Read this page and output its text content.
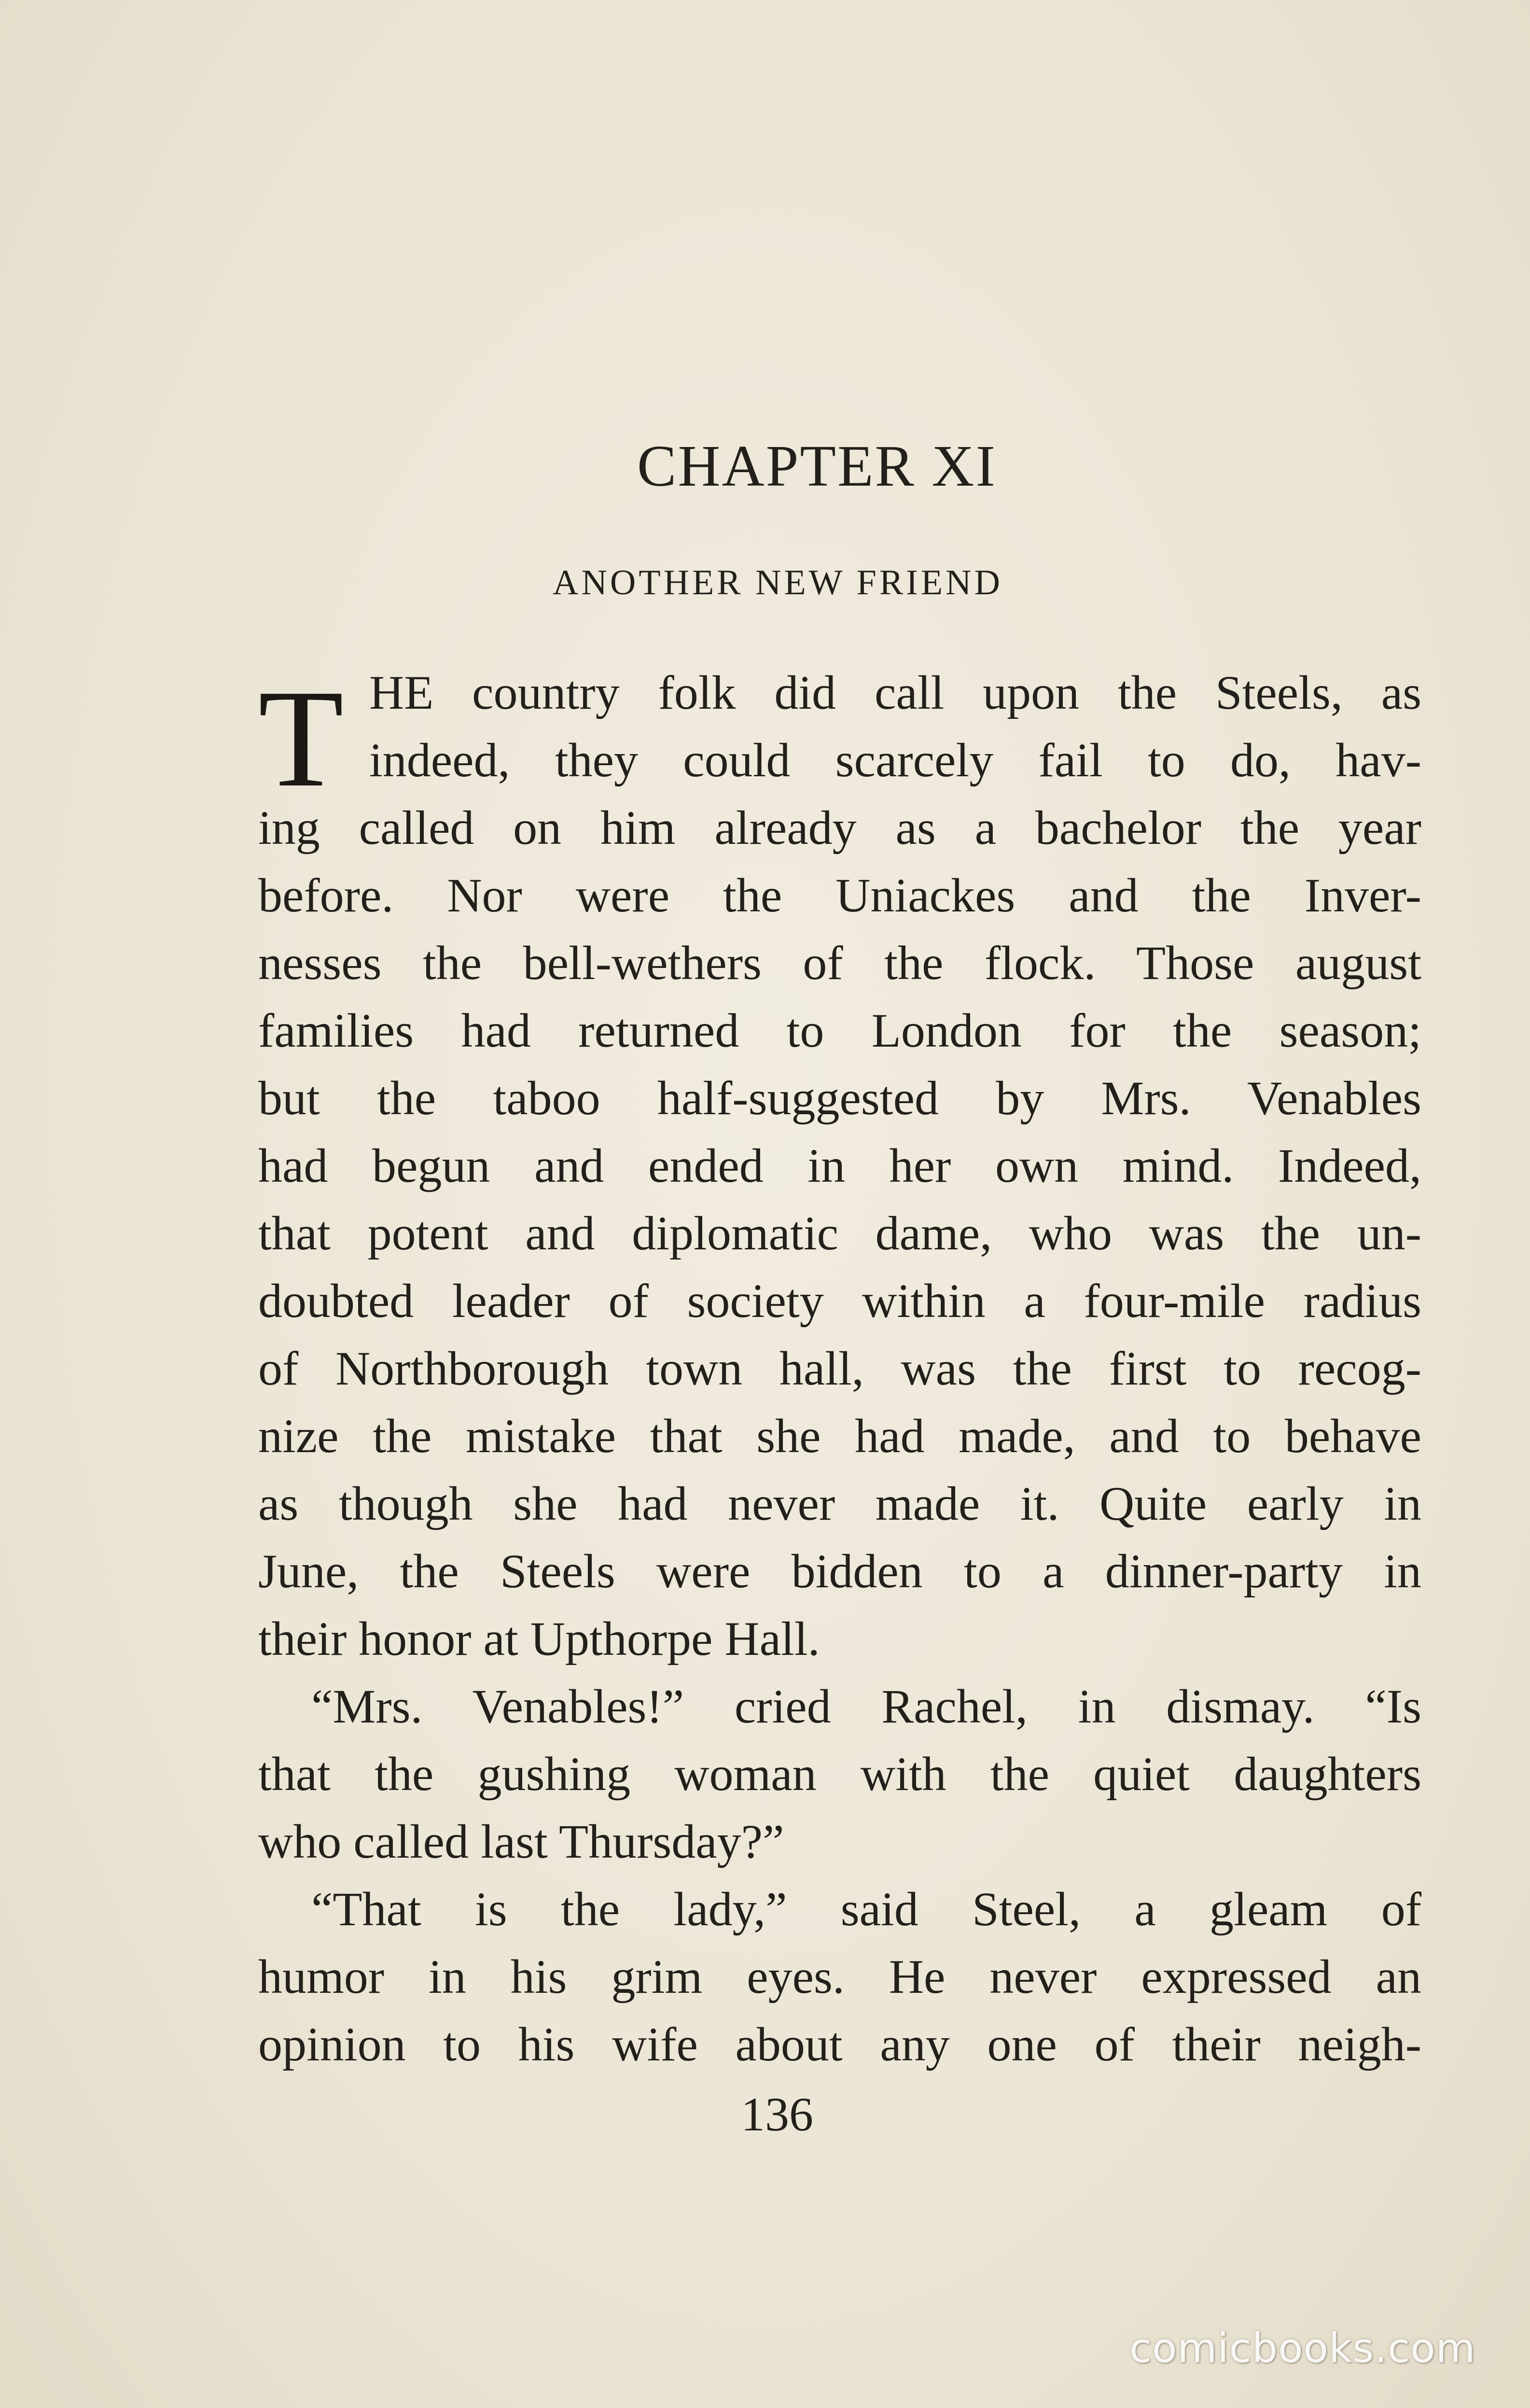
CHAPTER XI
ANOTHER NEW FRIEND
T HE country folk did call upon the Steels, as
indeed, they could scarcely fail to do, hav-
ing called on him already as a bachelor the year
before. Nor were the Uniackes and the Inver-
nesses the bell-wethers of the flock. Those august
families had returned to London for the season;
but the taboo half-suggested by Mrs. Venables
had begun and ended in her own mind. Indeed,
that potent and diplomatic dame, who was the un-
doubted leader of society within a four-mile radius
of Northborough town hall, was the first to recog-
nize the mistake that she had made, and to behave
as though she had never made it. Quite early in
June, the Steels were bidden to a dinner-party in
their honor at Upthorpe Hall.
“Mrs. Venables!” cried Rachel, in dismay. “Is
that the gushing woman with the quiet daughters
who called last Thursday?”
“That is the lady,” said Steel, a gleam of
humor in his grim eyes. He never expressed an
opinion to his wife about any one of their neigh-
136
comicbooks.com
